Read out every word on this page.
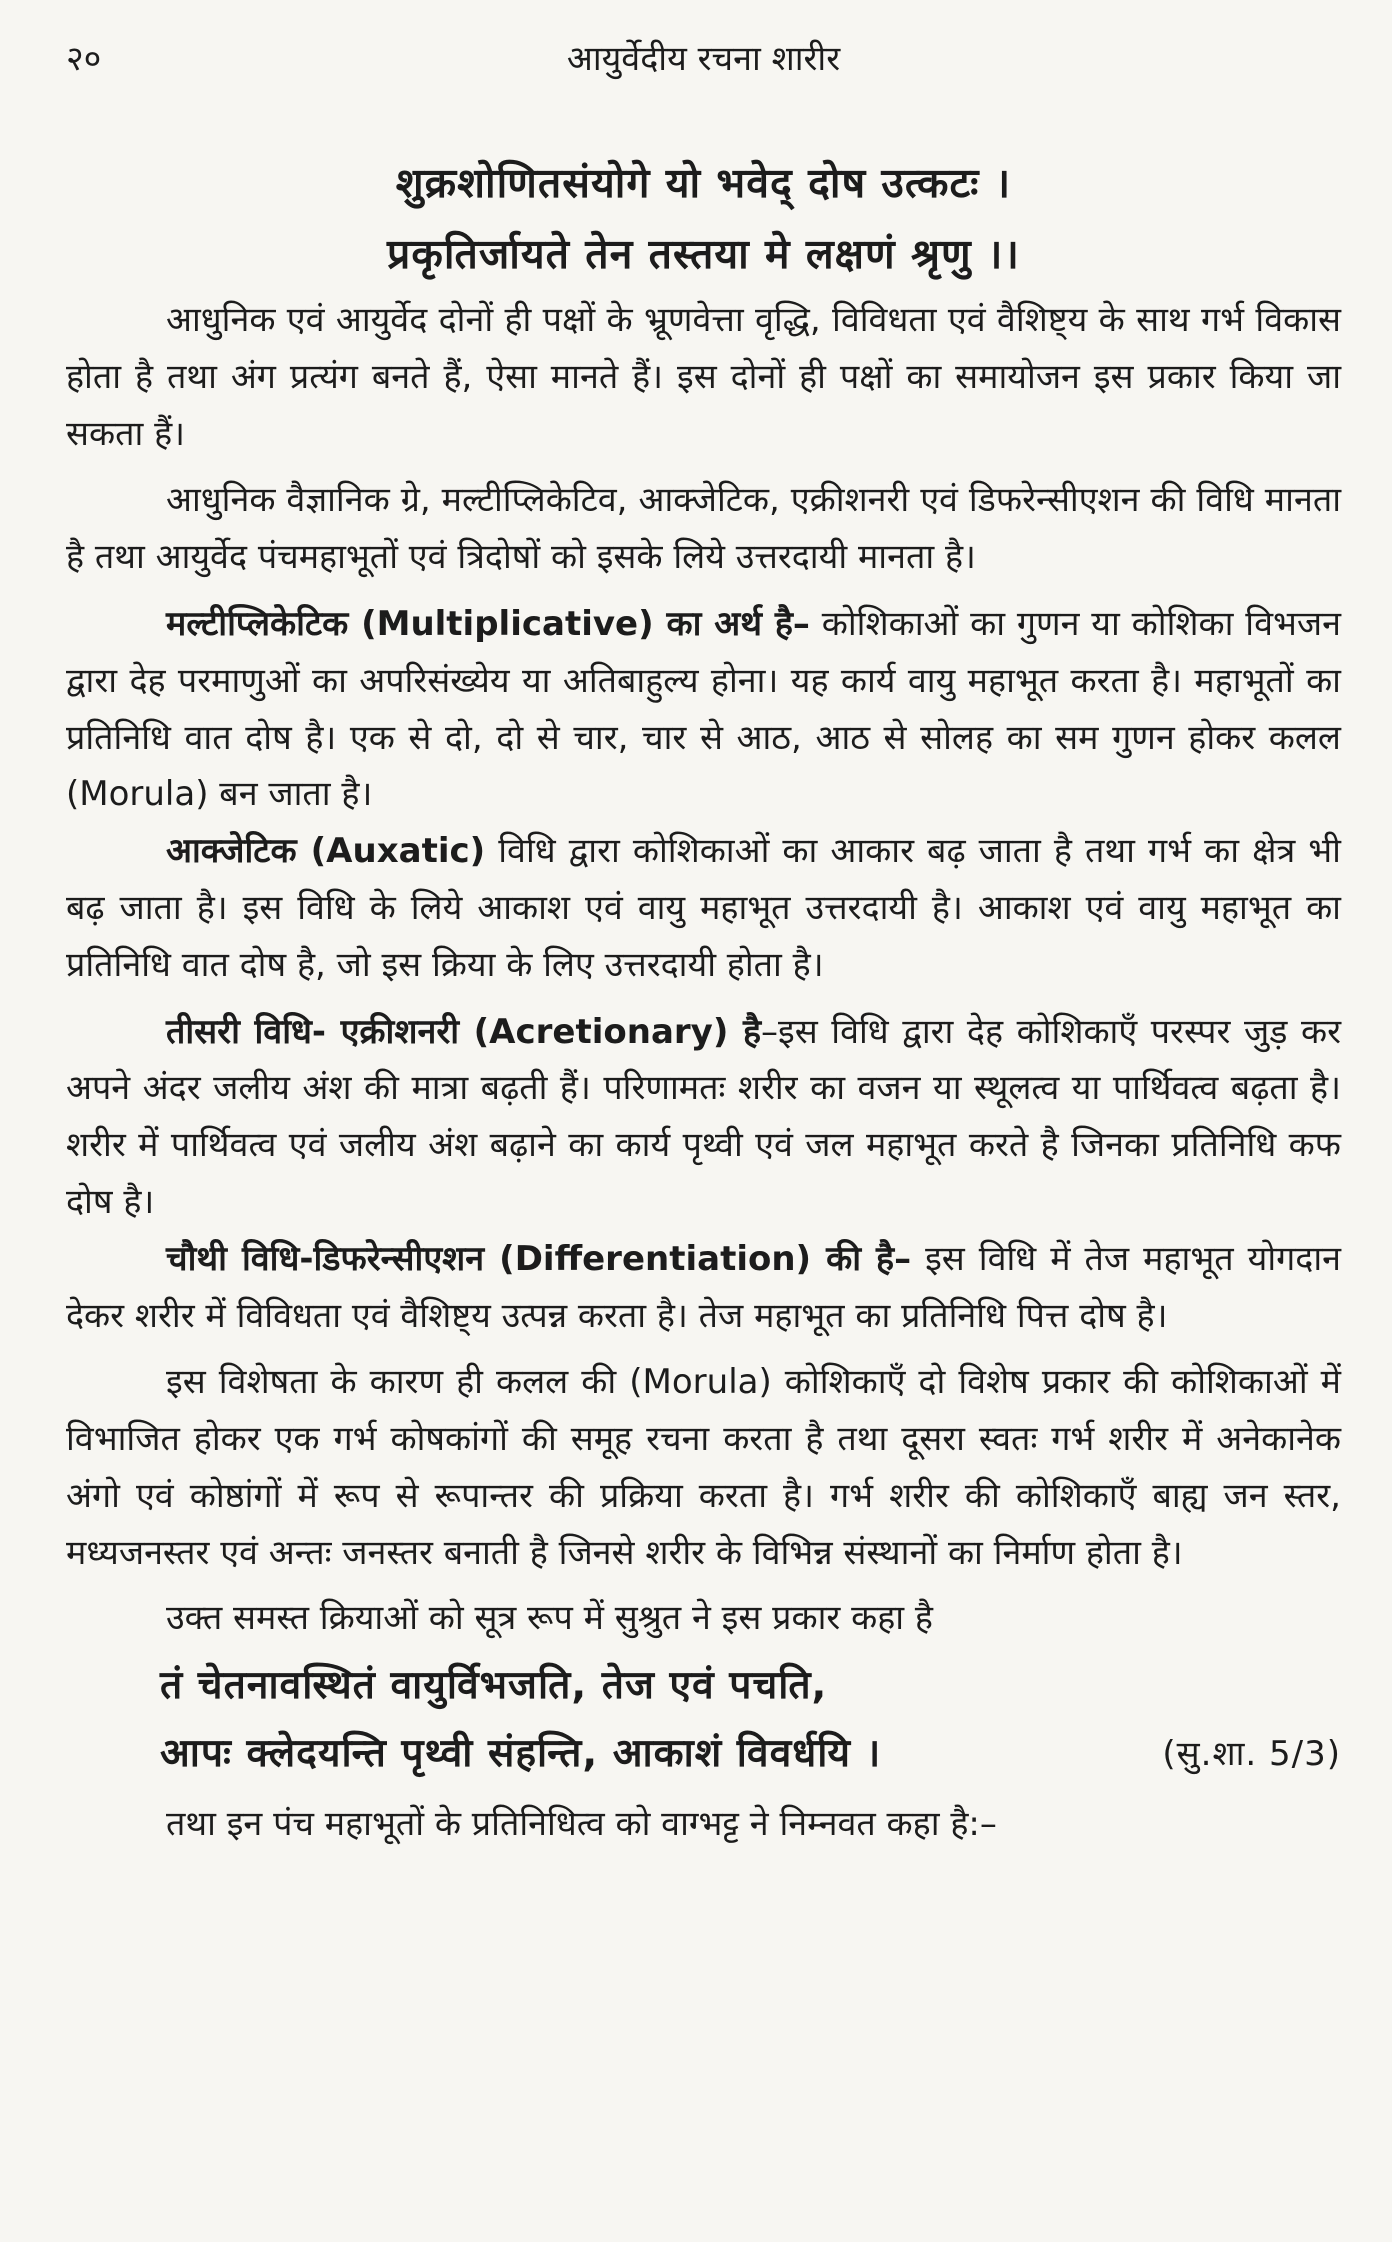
२०	आयुर्वेदीय रचना शारीर
शुक्रशोणितसंयोगे यो भवेद् दोष उत्कटः ।
प्रकृतिर्जायते तेन तस्तया मे लक्षणं श्रृणु ।।

आधुनिक एवं आयुर्वेद दोनों ही पक्षों के भ्रूणवेत्ता वृद्धि, विविधता एवं वैशिष्ट्य के साथ गर्भ विकास होता है तथा अंग प्रत्यंग बनते हैं, ऐसा मानते हैं। इस दोनों ही पक्षों का समायोजन इस प्रकार किया जा सकता हैं।

आधुनिक वैज्ञानिक ग्रे, मल्टीप्लिकेटिव, आक्जेटिक, एक्रीशनरी एवं डिफरेन्सीएशन की विधि मानता है तथा आयुर्वेद पंचमहाभूतों एवं त्रिदोषों को इसके लिये उत्तरदायी मानता है।

मल्टीप्लिकेटिक (Multiplicative) का अर्थ है– कोशिकाओं का गुणन या कोशिका विभजन द्वारा देह परमाणुओं का अपरिसंख्येय या अतिबाहुल्य होना। यह कार्य वायु महाभूत करता है। महाभूतों का प्रतिनिधि वात दोष है। एक से दो, दो से चार, चार से आठ, आठ से सोलह का सम गुणन होकर कलल (Morula) बन जाता है।

आक्जेटिक (Auxatic) विधि द्वारा कोशिकाओं का आकार बढ़ जाता है तथा गर्भ का क्षेत्र भी बढ़ जाता है। इस विधि के लिये आकाश एवं वायु महाभूत उत्तरदायी है। आकाश एवं वायु महाभूत का प्रतिनिधि वात दोष है, जो इस क्रिया के लिए उत्तरदायी होता है।

तीसरी विधि- एक्रीशनरी (Acretionary) है–इस विधि द्वारा देह कोशिकाएँ परस्पर जुड़ कर अपने अंदर जलीय अंश की मात्रा बढ़ती हैं। परिणामतः शरीर का वजन या स्थूलत्व या पार्थिवत्व बढ़ता है। शरीर में पार्थिवत्व एवं जलीय अंश बढ़ाने का कार्य पृथ्वी एवं जल महाभूत करते है जिनका प्रतिनिधि कफ दोष है।

चौथी विधि-डिफरेन्सीएशन (Differentiation) की है– इस विधि में तेज महाभूत योगदान देकर शरीर में विविधता एवं वैशिष्ट्य उत्पन्न करता है। तेज महाभूत का प्रतिनिधि पित्त दोष है।

इस विशेषता के कारण ही कलल की (Morula) कोशिकाएँ दो विशेष प्रकार की कोशिकाओं में विभाजित होकर एक गर्भ कोषकांगों की समूह रचना करता है तथा दूसरा स्वतः गर्भ शरीर में अनेकानेक अंगो एवं कोष्ठांगों में रूप से रूपान्तर की प्रक्रिया करता है। गर्भ शरीर की कोशिकाएँ बाह्य जन स्तर, मध्यजनस्तर एवं अन्तः जनस्तर बनाती है जिनसे शरीर के विभिन्न संस्थानों का निर्माण होता है।

उक्त समस्त क्रियाओं को सूत्र रूप में सुश्रुत ने इस प्रकार कहा है

तं चेतनावस्थितं वायुर्विभजति, तेज एवं पचति,
आपः क्लेदयन्ति पृथ्वी संहन्ति, आकाशं विवर्धयि ।	(सु.शा. 5/3)

तथा इन पंच महाभूतों के प्रतिनिधित्व को वाग्भट्ट ने निम्नवत कहा है:–
